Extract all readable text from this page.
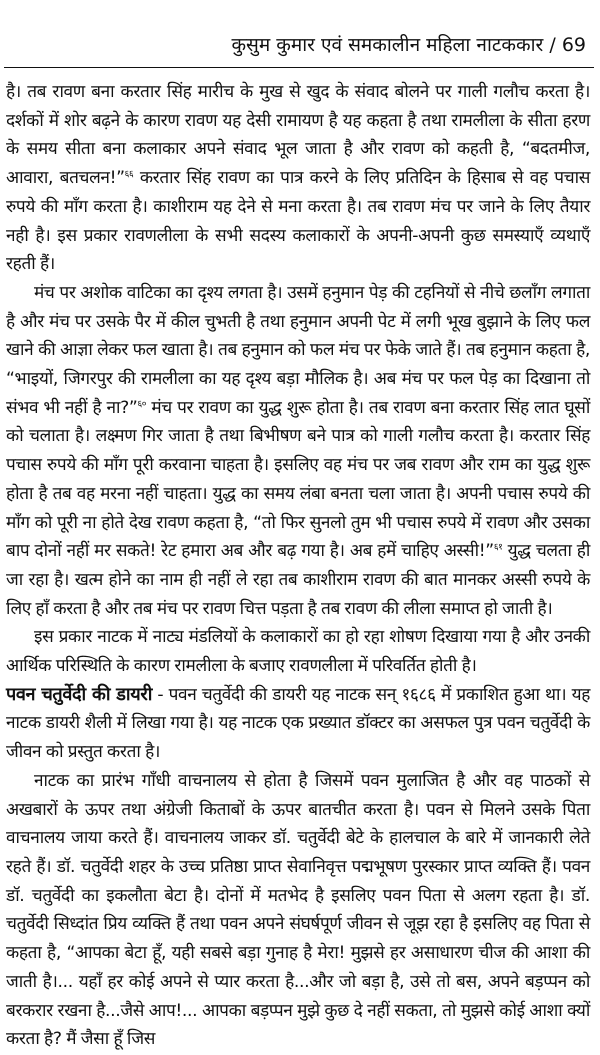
कुसुम कुमार एवं समकालीन महिला नाटककार / 69

है। तब रावण बना करतार सिंह मारीच के मुख से खुद के संवाद बोलने पर गाली गलौच करता है। दर्शकों में शोर बढ़ने के कारण रावण यह देसी रामायण है यह कहता है तथा रामलीला के सीता हरण के समय सीता बना कलाकार अपने संवाद भूल जाता है और रावण को कहती है, “बदतमीज, आवारा, बतचलन!”$^{६६}$ करतार सिंह रावण का पात्र करने के लिए प्रतिदिन के हिसाब से वह पचास रुपये की माँग करता है। काशीराम यह देने से मना करता है। तब रावण मंच पर जाने के लिए तैयार नही है। इस प्रकार रावणलीला के सभी सदस्य कलाकारों के अपनी-अपनी कुछ समस्याएँ व्यथाएँ रहती हैं।

मंच पर अशोक वाटिका का दृश्य लगता है। उसमें हनुमान पेड़ की टहनियों से नीचे छलाँग लगाता है और मंच पर उसके पैर में कील चुभती है तथा हनुमान अपनी पेट में लगी भूख बुझाने के लिए फल खाने की आज्ञा लेकर फल खाता है। तब हनुमान को फल मंच पर फेके जाते हैं। तब हनुमान कहता है, “भाइयों, जिगरपुर की रामलीला का यह दृश्य बड़ा मौलिक है। अब मंच पर फल पेड़ का दिखाना तो संभव भी नहीं है ना?”$^{६०}$ मंच पर रावण का युद्ध शुरू होता है। तब रावण बना करतार सिंह लात घूसों को चलाता है। लक्ष्मण गिर जाता है तथा बिभीषण बने पात्र को गाली गलौच करता है। करतार सिंह पचास रुपये की माँग पूरी करवाना चाहता है। इसलिए वह मंच पर जब रावण और राम का युद्ध शुरू होता है तब वह मरना नहीं चाहता। युद्ध का समय लंबा बनता चला जाता है। अपनी पचास रुपये की माँग को पूरी ना होते देख रावण कहता है, “तो फिर सुनलो तुम भी पचास रुपये में रावण और उसका बाप दोनों नहीं मर सकते! रेट हमारा अब और बढ़ गया है। अब हमें चाहिए अस्सी!”$^{६१}$ युद्ध चलता ही जा रहा है। खत्म होने का नाम ही नहीं ले रहा तब काशीराम रावण की बात मानकर अस्सी रुपये के लिए हाँ करता है और तब मंच पर रावण चित्त पड़ता है तब रावण की लीला समाप्त हो जाती है।

इस प्रकार नाटक में नाट्य मंडलियों के कलाकारों का हो रहा शोषण दिखाया गया है और उनकी आर्थिक परिस्थिति के कारण रामलीला के बजाए रावणलीला में परिवर्तित होती है।

पवन चतुर्वेदी की डायरी - पवन चतुर्वेदी की डायरी यह नाटक सन् १६८६ में प्रकाशित हुआ था। यह नाटक डायरी शैली में लिखा गया है। यह नाटक एक प्रख्यात डॉक्टर का असफल पुत्र पवन चतुर्वेदी के जीवन को प्रस्तुत करता है।

नाटक का प्रारंभ गाँधी वाचनालय से होता है जिसमें पवन मुलाजित है और वह पाठकों से अखबारों के ऊपर तथा अंग्रेजी किताबों के ऊपर बातचीत करता है। पवन से मिलने उसके पिता वाचनालय जाया करते हैं। वाचनालय जाकर डॉ. चतुर्वेदी बेटे के हालचाल के बारे में जानकारी लेते रहते हैं। डॉ. चतुर्वेदी शहर के उच्च प्रतिष्ठा प्राप्त सेवानिवृत्त पद्मभूषण पुरस्कार प्राप्त व्यक्ति हैं। पवन डॉ. चतुर्वेदी का इकलौता बेटा है। दोनों में मतभेद है इसलिए पवन पिता से अलग रहता है। डॉ. चतुर्वेदी सिध्दांत प्रिय व्यक्ति हैं तथा पवन अपने संघर्षपूर्ण जीवन से जूझ रहा है इसलिए वह पिता से कहता है, “आपका बेटा हूँ, यही सबसे बड़ा गुनाह है मेरा! मुझसे हर असाधारण चीज की आशा की जाती है।... यहाँ हर कोई अपने से प्यार करता है...और जो बड़ा है, उसे तो बस, अपने बड़प्पन को बरकरार रखना है...जैसे आप!... आपका बड़प्पन मुझे कुछ दे नहीं सकता, तो मुझसे कोई आशा क्यों करता है? मैं जैसा हूँ जिस
